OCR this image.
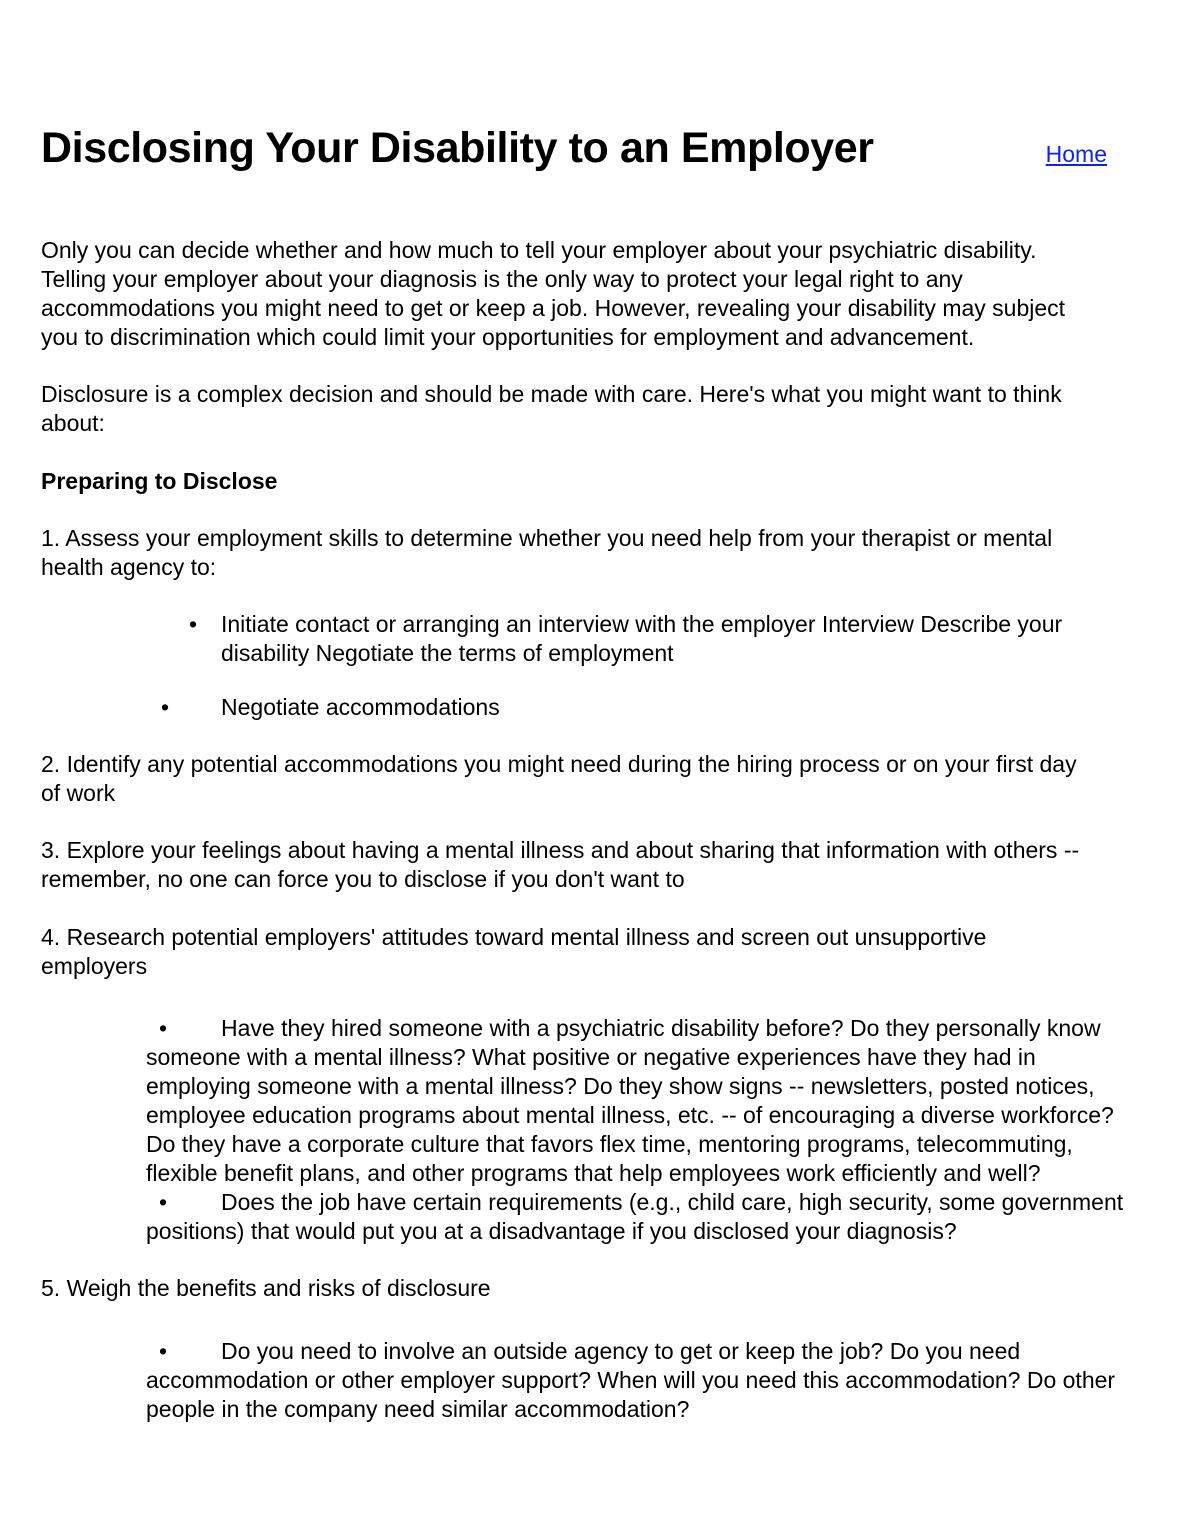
Disclosing Your Disability to an Employer	Home

Only you can decide whether and how much to tell your employer about your psychiatric disability. Telling your employer about your diagnosis is the only way to protect your legal right to any accommodations you might need to get or keep a job. However, revealing your disability may subject you to discrimination which could limit your opportunities for employment and advancement.

Disclosure is a complex decision and should be made with care. Here's what you might want to think about:

Preparing to Disclose

1. Assess your employment skills to determine whether you need help from your therapist or mental health agency to:

• Initiate contact or arranging an interview with the employer Interview Describe your disability Negotiate the terms of employment
• Negotiate accommodations

2. Identify any potential accommodations you might need during the hiring process or on your first day of work

3. Explore your feelings about having a mental illness and about sharing that information with others -- remember, no one can force you to disclose if you don't want to

4. Research potential employers' attitudes toward mental illness and screen out unsupportive employers

•	Have they hired someone with a psychiatric disability before? Do they personally know someone with a mental illness? What positive or negative experiences have they had in employing someone with a mental illness? Do they show signs -- newsletters, posted notices, employee education programs about mental illness, etc. -- of encouraging a diverse workforce? Do they have a corporate culture that favors flex time, mentoring programs, telecommuting, flexible benefit plans, and other programs that help employees work efficiently and well?
•	Does the job have certain requirements (e.g., child care, high security, some government positions) that would put you at a disadvantage if you disclosed your diagnosis?

5. Weigh the benefits and risks of disclosure

•	Do you need to involve an outside agency to get or keep the job? Do you need accommodation or other employer support? When will you need this accommodation? Do other people in the company need similar accommodation?
